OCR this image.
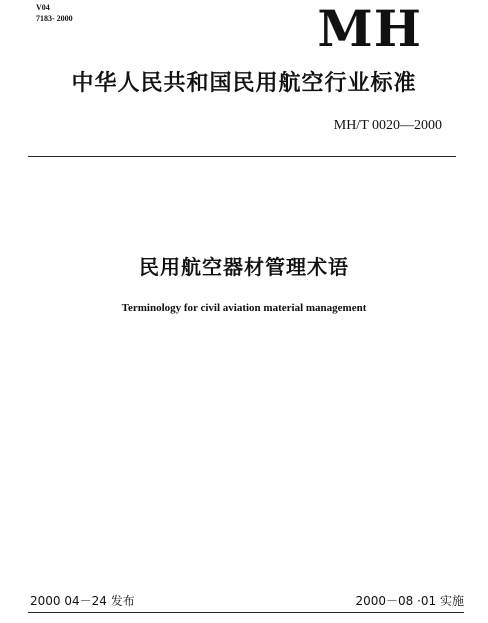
V04
7183- 2000	MH
中华人民共和国民用航空行业标准
MH/T 0020—2000
民用航空器材管理术语
Terminology for civil aviation material management
2000 04－24 发布	2000－08 ·01 实施
